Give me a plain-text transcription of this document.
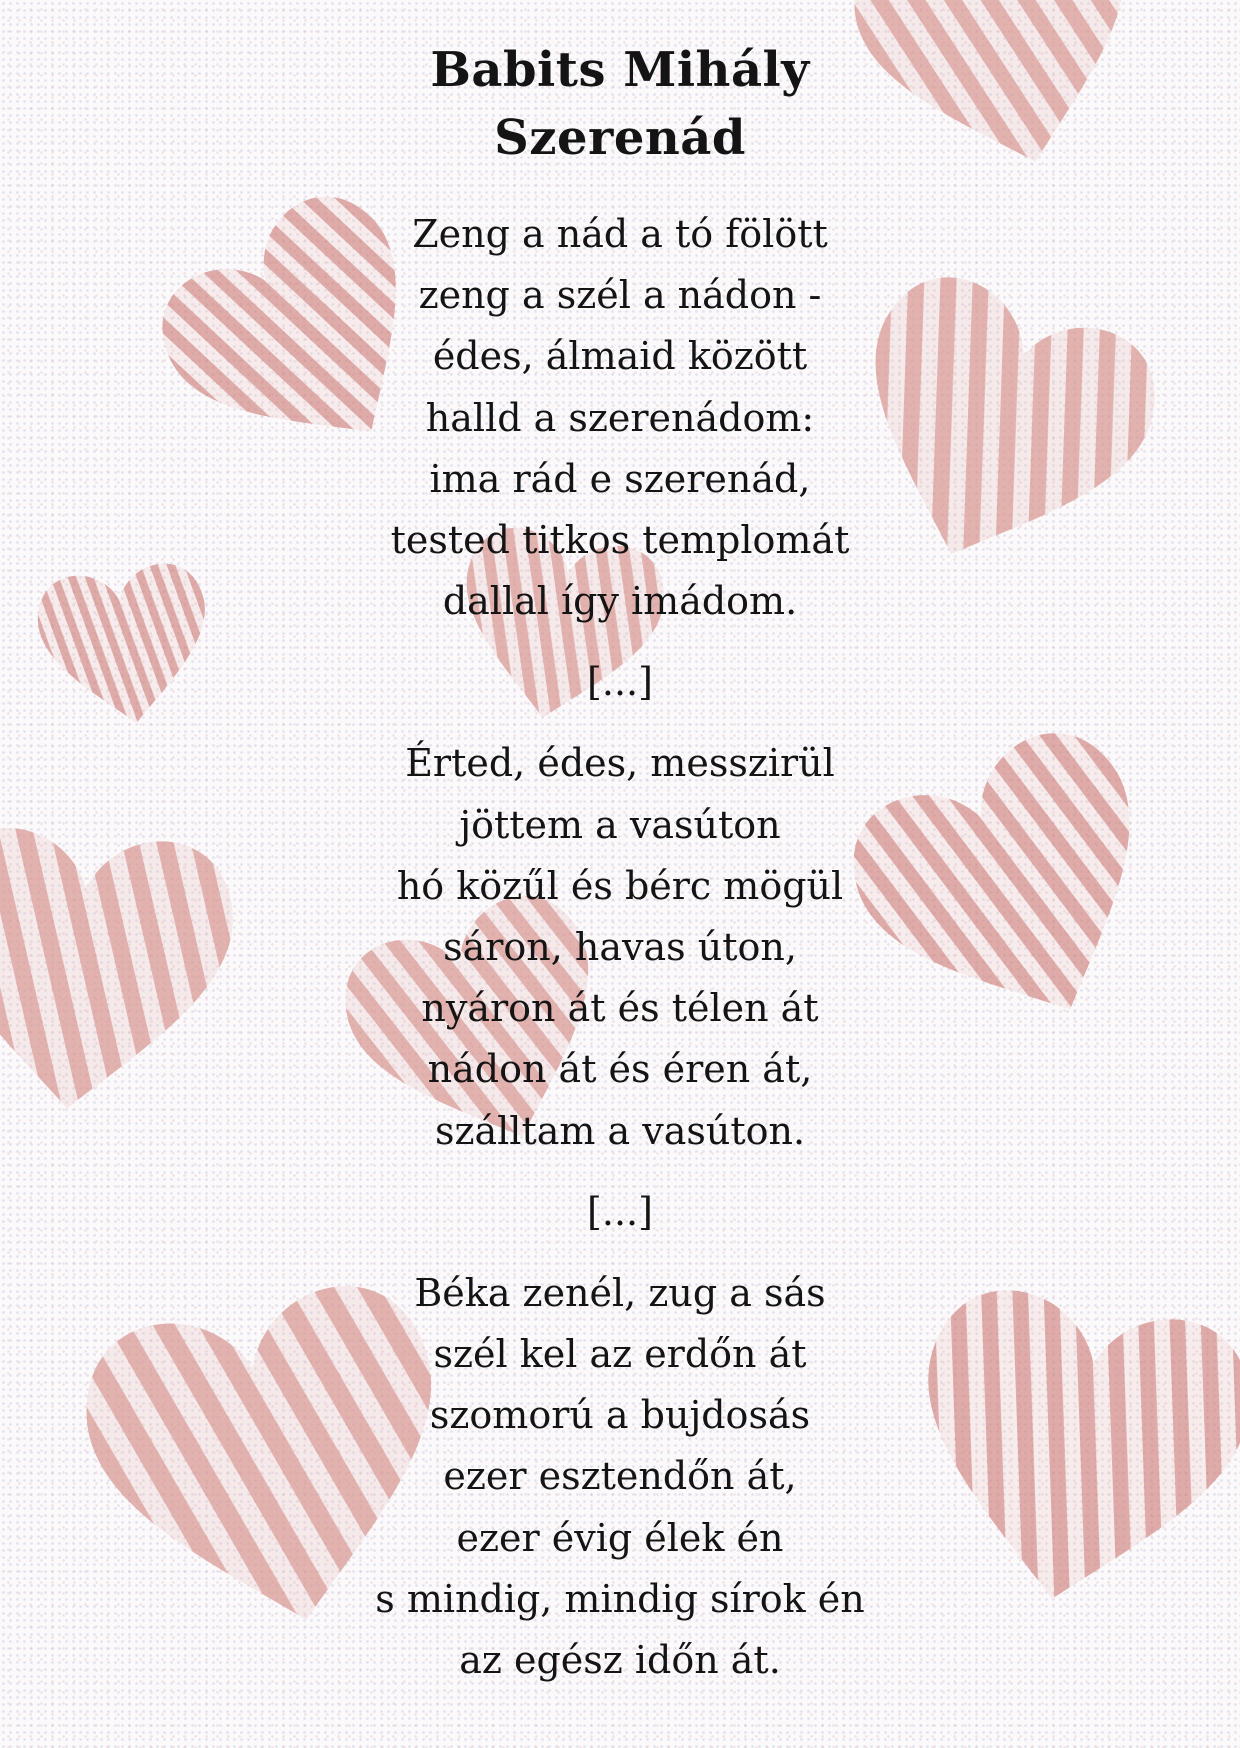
Babits Mihály
Szerenád
Zeng a nád a tó fölött
zeng a szél a nádon -
édes, álmaid között
halld a szerenádom:
ima rád e szerenád,
tested titkos templomát
dallal így imádom.
[...]
Érted, édes, messzirül
jöttem a vasúton
hó közűl és bérc mögül
sáron, havas úton,
nyáron át és télen át
nádon át és éren át,
szálltam a vasúton.
[...]
Béka zenél, zug a sás
szél kel az erdőn át
szomorú a bujdosás
ezer esztendőn át,
ezer évig élek én
s mindig, mindig sírok én
az egész időn át.
